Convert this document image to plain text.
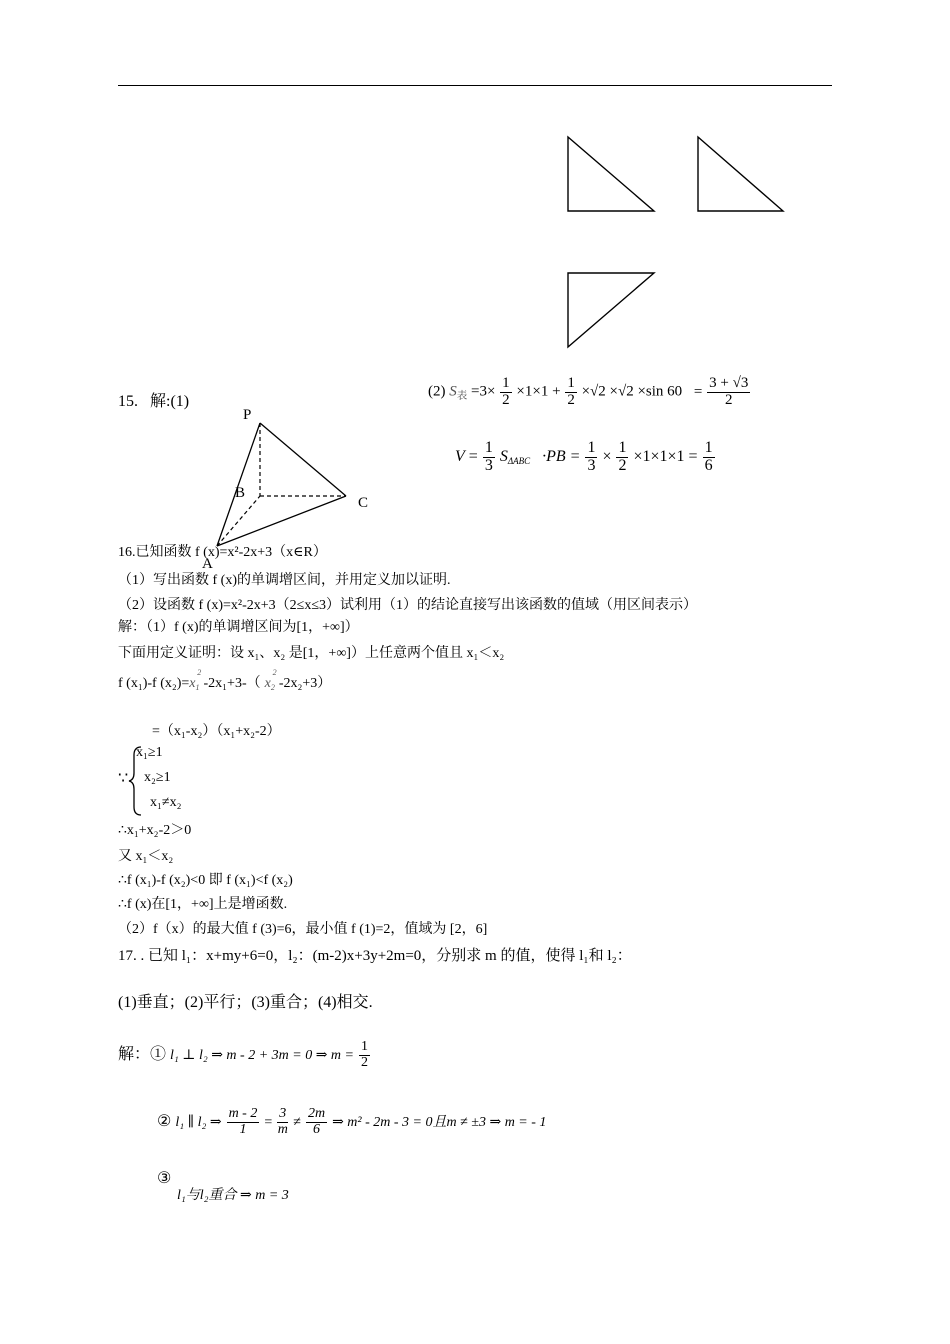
15. 解:(1)
P
B
C
A
(2) $S_表 =3\times \frac{1}{2} \times 1\times 1 + \frac{1}{2} \times√2 \times√2 \times\sin$ $60 = \frac{3 + √3}{2}$
$V = \frac{1}{3} S_{\Delta ABC} \cdot PB = \frac{1}{3} \times \frac{1}{2} \times 1\times 1\times 1 = \frac{1}{6}$
16.已知函数 f (x)=x²-2x+3（x∈R）
（1）写出函数 f (x)的单调增区间，并用定义加以证明.
（2）设函数 f (x)=x²-2x+3（2≤x≤3）试利用（1）的结论直接写出该函数的值域（用区间表示）
解：（1）f (x)的单调增区间为[1，+∞]）
下面用定义证明：设 x₁、x₂ 是[1，+∞]）上任意两个值且 x₁＜x₂
f (x₁)-f $(x_2)=x_1$
2
-2x₁+3-（ $x_2$
2
-2x₂+3）
=（x₁-x₂）（x₁+x₂-2）
∵
x₁≥1
x₂≥1
x₁≠x₂
∴x₁+x₂-2＞0
又 x₁＜x₂
∴f (x₁)-f (x₂)<0 即 f (x₁)<f (x₂)
∴f (x)在[1，+∞]上是增函数.
（2）f（x）的最大值 f (3)=6，最小值 f (1)=2，值域为 [2，6]
17. . 已知 l₁：x+my+6=0，l₂：(m-2)x+3y+2m=0，分别求 m 的值，使得 l₁和 l₂：
(1)垂直；(2)平行；(3)重合；(4)相交.
解：① l₁ ⊥ l₂ ⇒ m - 2 + 3m = 0 ⇒ $m = \frac{1}{2}$
② l₁ ∥ l₂ ⇒ $\frac{m - 2}{1} = \frac{3}{m} \ne \frac{2m}{6}$ ⇒ m² - 2m - 3 = 0且m ≠ ±3 ⇒ m = - 1
③
l₁与l₂重合 ⇒ m = 3
